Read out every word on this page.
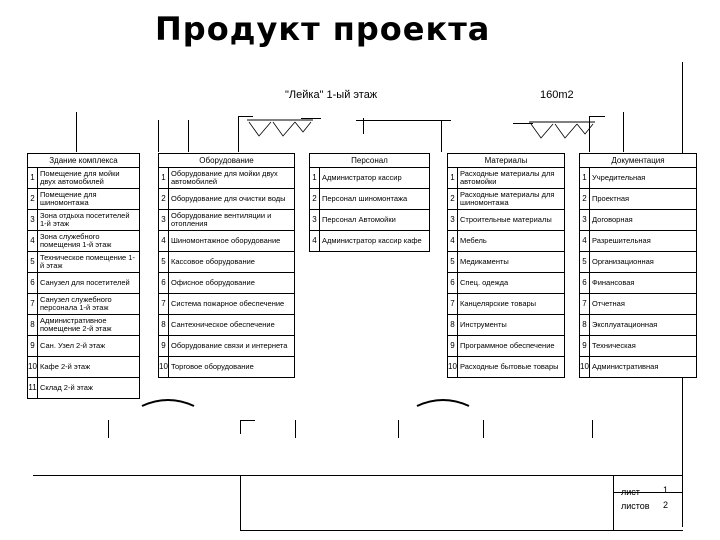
Продукт проекта
лист	1
листов 2
"Лейка" 1-ый этаж	160m2
Здание комплекса	
1	Помещение для мойки двух автомобилей
2	Помещение для шиномонтажа
3	Зона отдыха посетителей 1-й этаж
4	Зона служебного помещения 1-й этаж
5	Техническое помещение 1-й этаж
6	Санузел для посетителей
7	Санузел служебного персонала 1-й этаж
8	Административное помещение 2-й этаж
9	Сан. Узел 2-й этаж
10	Кафе 2-й этаж
11	Склад 2-й этаж
Оборудование	
1	Оборудование для мойки двух автомобилей
2	Оборудование для очистки воды
3	Оборудование вентиляции и отопления
4	Шиномонтажное оборудование
5	Кассовое оборудование
6	Офисное оборудование
7	Система пожарное обеспечение
8	Сантехническое обеспечение
9	Оборудование связи и интернета
10	Торговое оборудование
Персонал	
1	Администратор кассир
2	Персонал шиномонтажа
3	Персонал Автомойки
4	Администратор кассир кафе
Материалы	
1	Расходные материалы для автомойки
2	Расходные материалы для шиномонтажа
3	Строительные материалы
4	Мебель
5	Медикаменты
6	Спец. одежда
7	Канцелярские товары
8	Инструменты
9	Программное обеспечение
10	Расходные бытовые товары
Документация	
1	Учредительная
2	Проектная
3	Договорная
4	Разрешительная
5	Организационная
6	Финансовая
7	Отчетная
8	Эксплуатационная
9	Техническая
10	Административная
